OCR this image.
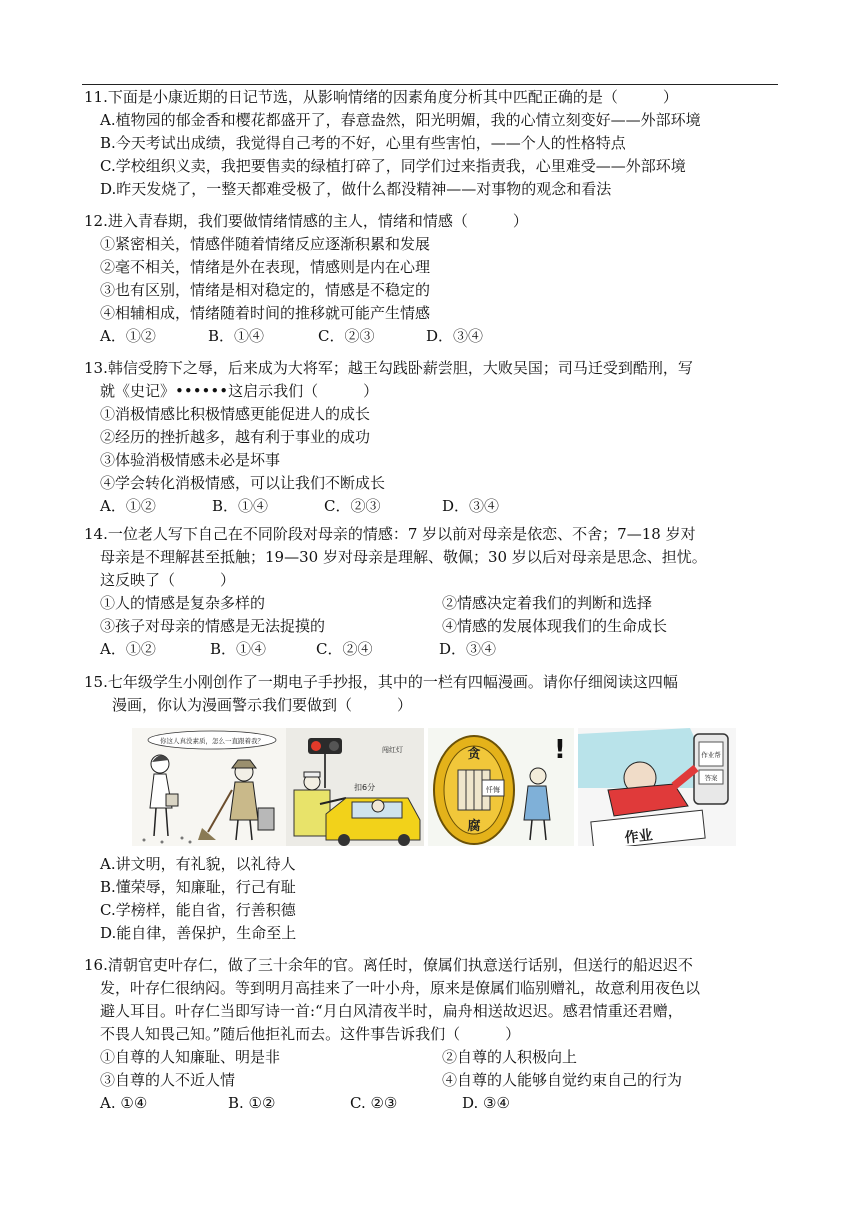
11.下面是小康近期的日记节选，从影响情绪的因素角度分析其中匹配正确的是（　　　）
A.植物园的郁金香和樱花都盛开了，春意盎然，阳光明媚，我的心情立刻变好——外部环境
B.今天考试出成绩，我觉得自己考的不好，心里有些害怕，——个人的性格特点
C.学校组织义卖，我把要售卖的绿植打碎了，同学们过来指责我，心里难受——外部环境
D.昨天发烧了，一整天都难受极了，做什么都没精神——对事物的观念和看法
12.进入青春期，我们要做情绪情感的主人，情绪和情感（　　　）
①紧密相关，情感伴随着情绪反应逐渐积累和发展
②毫不相关，情绪是外在表现，情感则是内在心理
③也有区别，情绪是相对稳定的，情感是不稳定的
④相辅相成，情绪随着时间的推移就可能产生情感
A．①②	B．①④	C．②③	D．③④
13.韩信受胯下之辱，后来成为大将军；越王勾践卧薪尝胆，大败吴国；司马迁受到酷刑，写
就《史记》••••••这启示我们（　　　）
①消极情感比积极情感更能促进人的成长
②经历的挫折越多，越有利于事业的成功
③体验消极情感未必是坏事
④学会转化消极情感，可以让我们不断成长
A．①②	B．①④	C．②③	D．③④
14.一位老人写下自己在不同阶段对母亲的情感：7 岁以前对母亲是依恋、不舍；7—18 岁对
母亲是不理解甚至抵触；19—30 岁对母亲是理解、敬佩；30 岁以后对母亲是思念、担忧。
这反映了（　　　）
①人的情感是复杂多样的	②情感决定着我们的判断和选择
③孩子对母亲的情感是无法捉摸的	④情感的发展体现我们的生命成长
A．①②	B．①④	C．②④	D．③④
15.七年级学生小刚创作了一期电子手抄报，其中的一栏有四幅漫画。请你仔细阅读这四幅
漫画，你认为漫画警示我们要做到（　　　）
你这人真没素质，怎么一直跟着我？
闯红灯
扣6分
贪
腐
忏悔
!	作业帮
答案
作业
A.讲文明，有礼貌，以礼待人
B.懂荣辱，知廉耻，行己有耻
C.学榜样，能自省，行善积德
D.能自律，善保护，生命至上
16.清朝官吏叶存仁，做了三十余年的官。离任时，僚属们执意送行话别，但送行的船迟迟不
发，叶存仁很纳闷。等到明月高挂来了一叶小舟，原来是僚属们临别赠礼，故意利用夜色以
避人耳目。叶存仁当即写诗一首:“月白风清夜半时，扁舟相送故迟迟。感君情重还君赠，
不畏人知畏己知。”随后他拒礼而去。这件事告诉我们（　　　）
①自尊的人知廉耻、明是非	②自尊的人积极向上
③自尊的人不近人情	④自尊的人能够自觉约束自己的行为
A. ①④	B. ①②	C. ②③	D. ③④
